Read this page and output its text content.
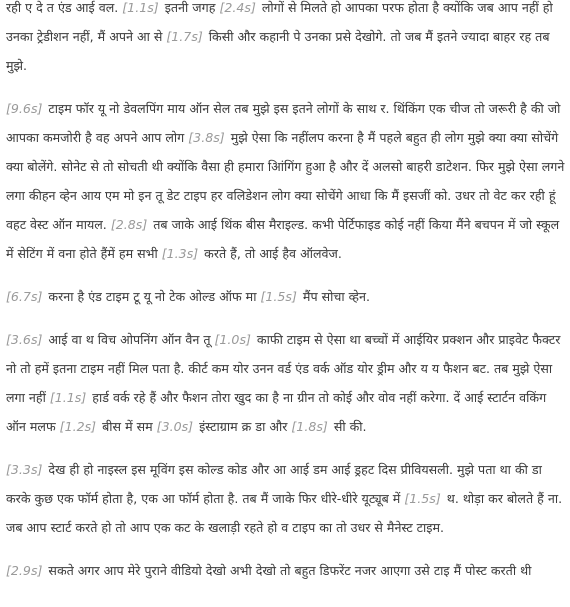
रही ए दे त एंड आई वल. [1.1s] इतनी जगह [2.4s] लोगों से मिलते हो आपका परफ होता है क्योंकि जब आप नहीं हो उनका ट्रेडीशन नहीं, मैं अपने आ से [1.7s] किसी और कहानी पे उनका प्रसे देखोगे. तो जब मैं इतने ज्यादा बाहर रह तब मुझे.

[9.6s] टाइम फॉर यू नो डेवलपिंग माय ऑन सेल तब मुझे इस इतने लोगों के साथ र. थिंकिंग एक चीज तो जरूरी है की जो आपका कमजोरी है वह अपने आप लोग [3.8s] मुझे ऐसा कि नहींलप करना है मैं पहले बहुत ही लोग मुझे क्या क्या सोचेंगे क्या बोलेंगे. सोनेट से तो सोचती थी क्योंकि वैसा ही हमारा आिंगिंग हुआ है और दें अलसो बाहरी डाटेशन. फिर मुझे ऐसा लगने लगा कीहन व्हेन आय एम मो इन तू डेट टाइप हर वलिडेशन लोग क्या सोचेंगे आधा कि मैं इसजीं को. उधर तो वेट कर रही हूं वहट वेस्ट ऑन मायल. [2.8s] तब जाके आई थिंक बीस मैराइल्ड. कभी पेर्टिफाइड कोई नहीं किया मैंने बचपन में जो स्कूल में सेटिंग में वना होते हैंमें हम सभी [1.3s] करते हैं, तो आई हैव ऑलवेज.

[6.7s] करना है एंड टाइम टू यू नो टेक ओल्ड ऑफ मा [1.5s] मैंप सोचा व्हेन.

[3.6s] आई वा थ विच ओपनिंग ऑन वैन तू [1.0s] काफी टाइम से ऐसा था बच्चों में आईयिर प्रक्शन और प्राइवेट फैक्टर नो तो हमें इतना टाइम नहीं मिल पता है. कीर्ट कम योर उनन वर्ड एंड वर्क ऑड योर ड्रीम और य य फैशन बट. तब मुझे ऐसा लगा नहीं [1.1s] हार्ड वर्क रहे हैं और फैशन तोरा खुद का है ना ग्रीन तो कोई और वोव नहीं करेगा. दें आई स्टार्टन वकिंग ऑन मलफ [1.2s] बीस में सम [3.0s] इंस्टाग्राम क्र डा और [1.8s] सी की.

[3.3s] देख ही हो नाइस्ल इस मूविंग इस कोल्ड कोड और आ आई डम आई ड्रहट दिस प्रीवियसली. मुझे पता था की डा करके कुछ एक फॉर्म होता है, एक आ फॉर्म होता है. तब मैं जाके फिर धीरे-धीरे यूट्यूब में [1.5s] थ. थोड़ा कर बोलते हैं ना. जब आप स्टार्ट करते हो तो आप एक कट के खलाड़ी रहते हो व टाइप का तो उधर से मैनेस्ट टाइम.

[2.9s] सकते अगर आप मेरे पुराने वीडियो देखो अभी देखो तो बहुत डिफरेंट नजर आएगा उसे टाइ मैं पोस्ट करती थी
